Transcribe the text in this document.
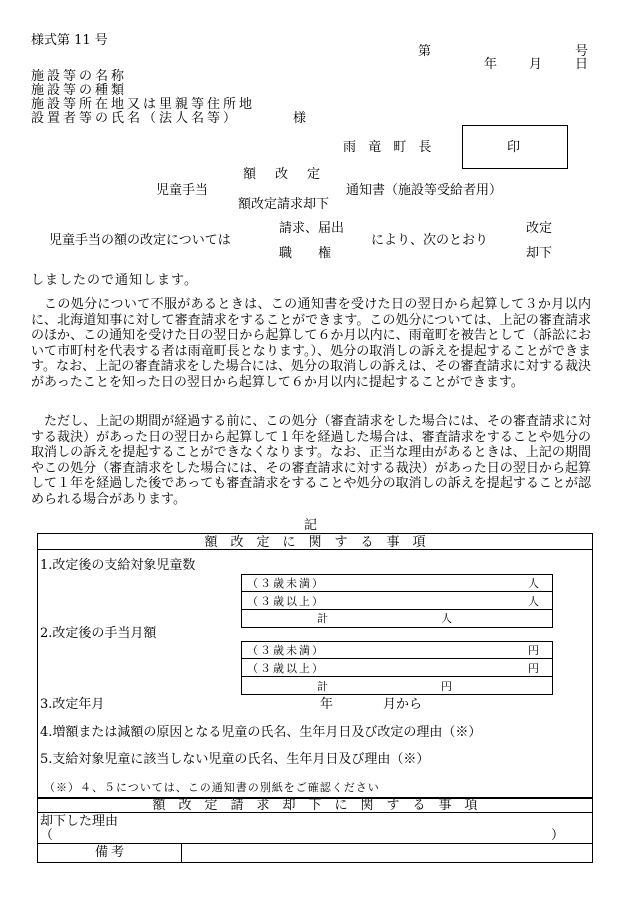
様式第 11 号
第	号
年 月	日
施設等の名称
施設等の種類
施設等所在地又は里親等住所地
設置者等の氏名（法人名等）	様
雨 竜 町 長	印
額　改　定
児童手当	通知書（施設等受給者用）
額改定請求却下
請求、届出	改定
児童手当の額の改定については	により、次のとおり
職　　権	却下
しましたので通知します。
この処分について不服があるときは、この通知書を受けた日の翌日から起算して３か月以内に、北海道知事に対して審査請求をすることができます。この処分については、上記の審査請求のほか、この通知を受けた日の翌日から起算して６か月以内に、雨竜町を被告として（訴訟において市町村を代表する者は雨竜町長となります。）、処分の取消しの訴えを提起することができます。なお、上記の審査請求をした場合には、処分の取消しの訴えは、その審査請求に対する裁決があったことを知った日の翌日から起算して６か月以内に提起することができます。
ただし、上記の期間が経過する前に、この処分（審査請求をした場合には、その審査請求に対する裁決）があった日の翌日から起算して１年を経過した場合は、審査請求をすることや処分の取消しの訴えを提起することができなくなります。なお、正当な理由があるときは、上記の期間やこの処分（審査請求をした場合には、その審査請求に対する裁決）があった日の翌日から起算して１年を経過した後であっても審査請求をすることや処分の取消しの訴えを提起することが認められる場合があります。
記
額　改　定　に　関　す　る　事　項
1.改定後の支給対象児童数
（３歳未満）	人
（３歳以上）	人
計	人
2.改定後の手当月額
（３歳未満）	円
（３歳以上）	円
計	円
3.改定年月	年	月から
4.増額または減額の原因となる児童の氏名、生年月日及び改定の理由（※）
5.支給対象児童に該当しない児童の氏名、生年月日及び理由（※）
（※）４、５については、この通知書の別紙をご確認ください
額　改　定　請　求　却　下　に　関　す　る　事　項
却下した理由
（	）
備考
